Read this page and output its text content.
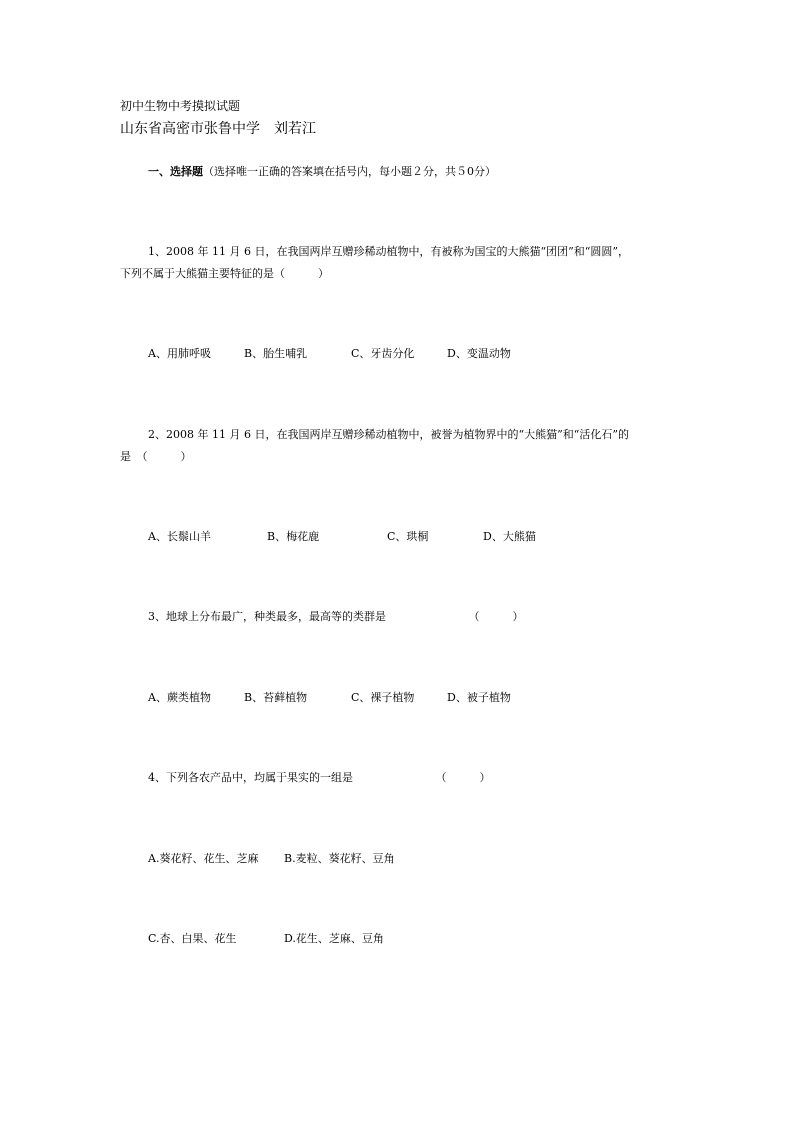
初中生物中考摸拟试题
山东省高密市张鲁中学　刘若江
一、选择题（选择唯一正确的答案填在括号内，每小题２分，共５0分）
1、2008 年 11 月 6 日，在我国两岸互赠珍稀动植物中，有被称为国宝的大熊猫“团团”和“圆圆”，
下列不属于大熊猫主要特征的是（　　　）
A、用肺呼吸	B、胎生哺乳	C、牙齿分化	D、变温动物
2、2008 年 11 月 6 日，在我国两岸互赠珍稀动植物中，被誉为植物界中的“大熊猫”和“活化石”的
是　（　　　）
A、长鬃山羊	B、梅花鹿	C、珙桐	D、大熊猫
3、地球上分布最广，种类最多，最高等的类群是　　　　　　　　（　　　）
A、蕨类植物	B、苔藓植物	C、裸子植物	D、被子植物
4、下列各农产品中，均属于果实的一组是　　　　　　　　（　　　）
A.葵花籽、花生、芝麻 B.麦粒、葵花籽、豆角
C.杏、白果、花生	D.花生、芝麻、豆角
